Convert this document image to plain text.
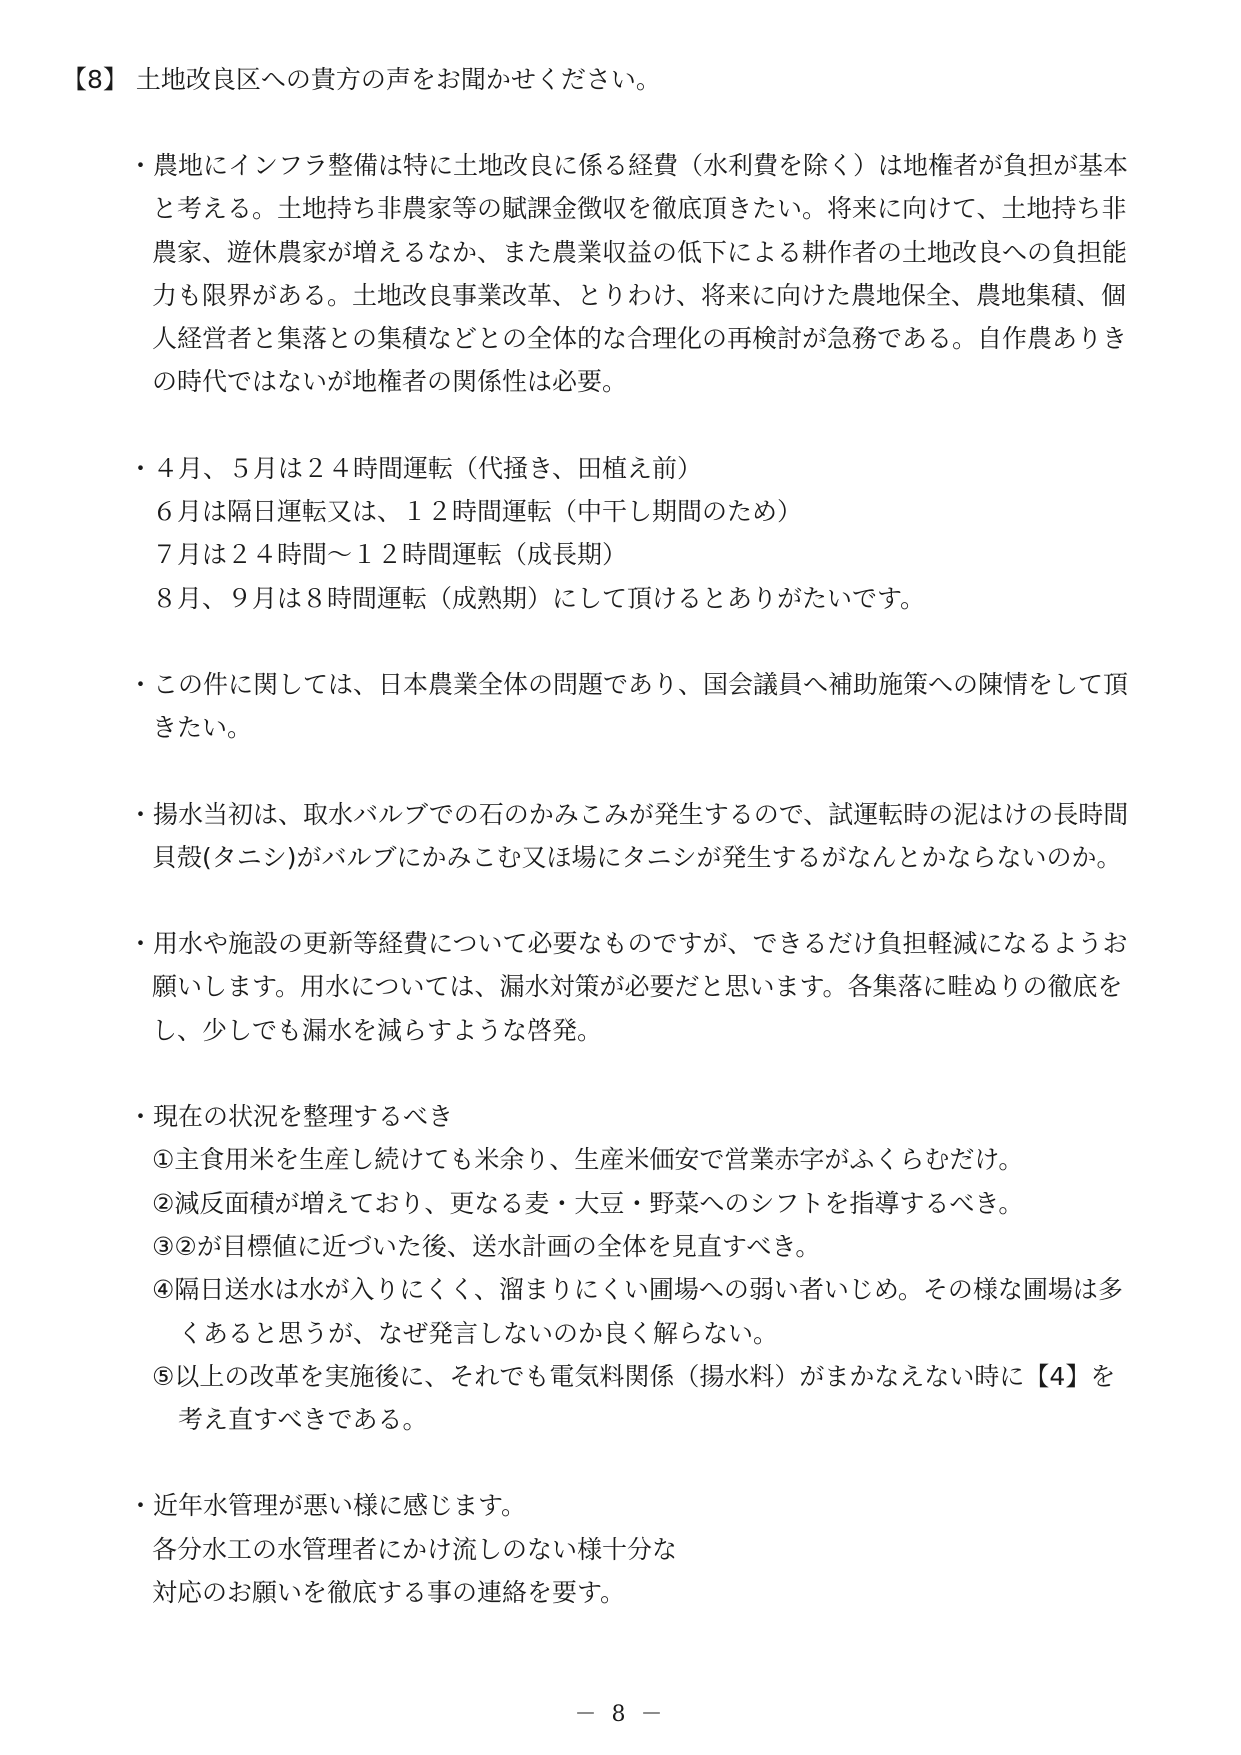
【8】 土地改良区への貴方の声をお聞かせください。
・農地にインフラ整備は特に土地改良に係る経費（水利費を除く）は地権者が負担が基本
と考える。土地持ち非農家等の賦課金徴収を徹底頂きたい。将来に向けて、土地持ち非
農家、遊休農家が増えるなか、また農業収益の低下による耕作者の土地改良への負担能
力も限界がある。土地改良事業改革、とりわけ、将来に向けた農地保全、農地集積、個
人経営者と集落との集積などとの全体的な合理化の再検討が急務である。自作農ありき
の時代ではないが地権者の関係性は必要。
・４月、５月は２４時間運転（代掻き、田植え前）
６月は隔日運転又は、１２時間運転（中干し期間のため）
７月は２４時間～１２時間運転（成長期）
８月、９月は８時間運転（成熟期）にして頂けるとありがたいです。
・この件に関しては、日本農業全体の問題であり、国会議員へ補助施策への陳情をして頂
きたい。
・揚水当初は、取水バルブでの石のかみこみが発生するので、試運転時の泥はけの長時間
貝殻(タニシ)がバルブにかみこむ又ほ場にタニシが発生するがなんとかならないのか。
・用水や施設の更新等経費について必要なものですが、できるだけ負担軽減になるようお
願いします。用水については、漏水対策が必要だと思います。各集落に畦ぬりの徹底を
し、少しでも漏水を減らすような啓発。
・現在の状況を整理するべき
①主食用米を生産し続けても米余り、生産米価安で営業赤字がふくらむだけ。
②減反面積が増えており、更なる麦・大豆・野菜へのシフトを指導するべき。
③②が目標値に近づいた後、送水計画の全体を見直すべき。
④隔日送水は水が入りにくく、溜まりにくい圃場への弱い者いじめ。その様な圃場は多
くあると思うが、なぜ発言しないのか良く解らない。
⑤以上の改革を実施後に、それでも電気料関係（揚水料）がまかなえない時に【4】を
考え直すべきである。
・近年水管理が悪い様に感じます。
各分水工の水管理者にかけ流しのない様十分な
対応のお願いを徹底する事の連絡を要す。
－ 8 －
